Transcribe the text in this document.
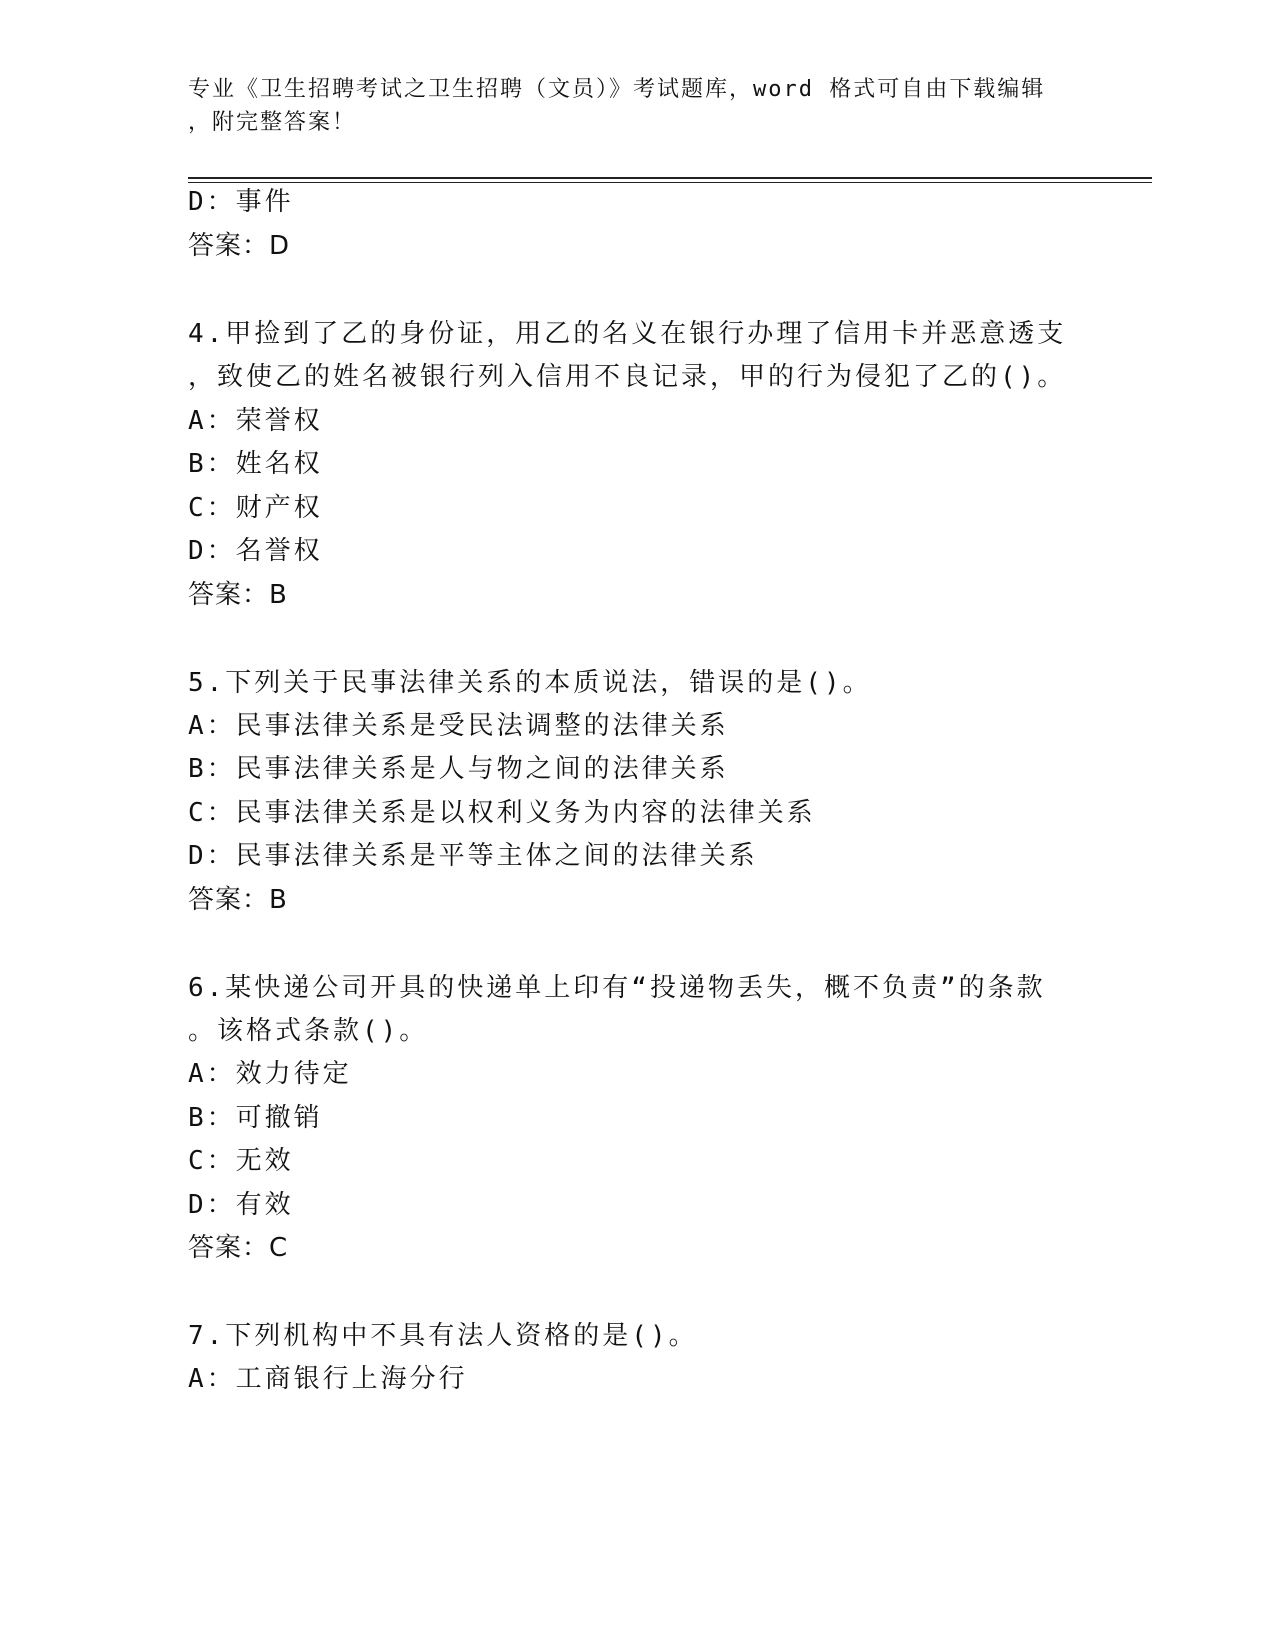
专业《卫生招聘考试之卫生招聘（文员）》考试题库，word 格式可自由下载编辑
，附完整答案！
D：事件
答案：D
4.甲捡到了乙的身份证，用乙的名义在银行办理了信用卡并恶意透支
，致使乙的姓名被银行列入信用不良记录，甲的行为侵犯了乙的()。
A：荣誉权
B：姓名权
C：财产权
D：名誉权
答案：B
5.下列关于民事法律关系的本质说法，错误的是()。
A：民事法律关系是受民法调整的法律关系
B：民事法律关系是人与物之间的法律关系
C：民事法律关系是以权利义务为内容的法律关系
D：民事法律关系是平等主体之间的法律关系
答案：B
6.某快递公司开具的快递单上印有“投递物丢失，概不负责”的条款
。该格式条款()。
A：效力待定
B：可撤销
C：无效
D：有效
答案：C
7.下列机构中不具有法人资格的是()。
A：工商银行上海分行
